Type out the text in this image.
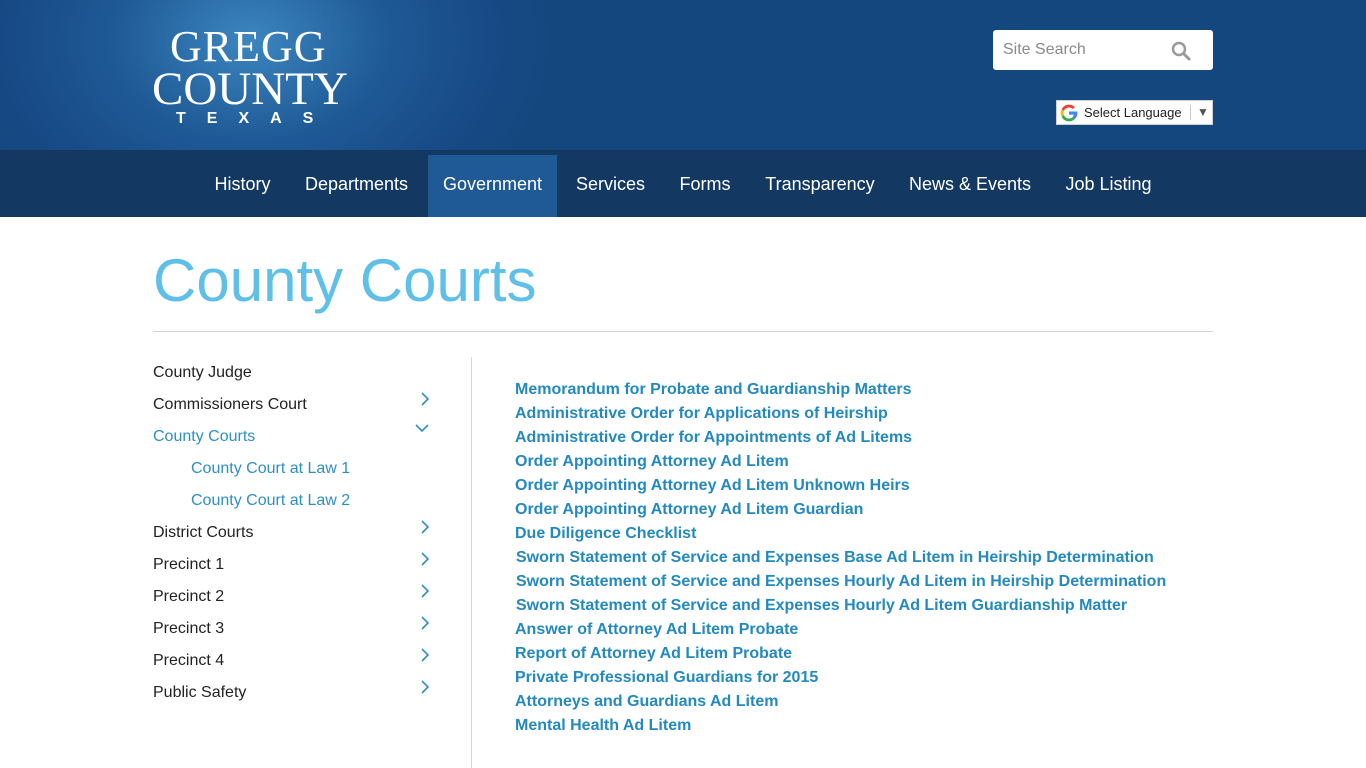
GREGG
COUNTY
TEXAS
Site Search	Select Language ▼
History	Departments	Government	Services	Forms	Transparency	News & Events	Job Listing
County Courts
County Judge
Commissioners Court
County Courts
County Court at Law 1
County Court at Law 2
District Courts
Precinct 1
Precinct 2
Precinct 3
Precinct 4
Public Safety
Memorandum for Probate and Guardianship Matters
Administrative Order for Applications of Heirship
Administrative Order for Appointments of Ad Litems
Order Appointing Attorney Ad Litem
Order Appointing Attorney Ad Litem Unknown Heirs
Order Appointing Attorney Ad Litem Guardian
Due Diligence Checklist
Sworn Statement of Service and Expenses Base Ad Litem in Heirship Determination
Sworn Statement of Service and Expenses Hourly Ad Litem in Heirship Determination
Sworn Statement of Service and Expenses Hourly Ad Litem Guardianship Matter
Answer of Attorney Ad Litem Probate
Report of Attorney Ad Litem Probate
Private Professional Guardians for 2015
Attorneys and Guardians Ad Litem
Mental Health Ad Litem
